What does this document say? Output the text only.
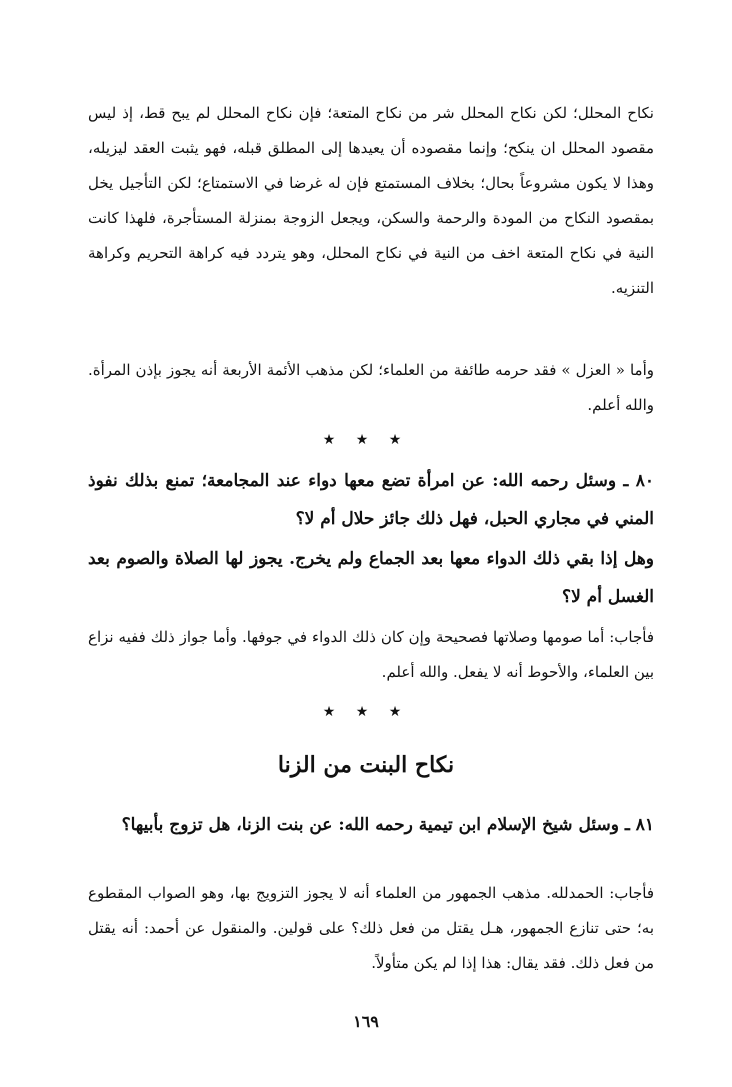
نكاح المحلل؛ لكن نكاح المحلل شر من نكاح المتعة؛ فإن نكاح المحلل لم يبح قط، إذ ليس مقصود المحلل ان ينكح؛ وإنما مقصوده أن يعيدها إلى المطلق قبله، فهو يثبت العقد ليزيله، وهذا لا يكون مشروعاً بحال؛ بخلاف المستمتع فإن له غرضا في الاستمتاع؛ لكن التأجيل يخل بمقصود النكاح من المودة والرحمة والسكن، ويجعل الزوجة بمنزلة المستأجرة، فلهذا كانت النية في نكاح المتعة اخف من النية في نكاح المحلل، وهو يتردد فيه كراهة التحريم وكراهة التنزيه.

وأما « العزل » فقد حرمه طائفة من العلماء؛ لكن مذهب الأئمة الأربعة أنه يجوز بإذن المرأة. والله أعلم.

★ ★ ★

٨٠ ـ وسئل رحمه الله: عن امرأة تضع معها دواء عند المجامعة؛ تمنع بذلك نفوذ المني في مجاري الحبل، فهل ذلك جائز حلال أم لا؟

وهل إذا بقي ذلك الدواء معها بعد الجماع ولم يخرج. يجوز لها الصلاة والصوم بعد الغسل أم لا؟

فأجاب: أما صومها وصلاتها فصحيحة وإن كان ذلك الدواء في جوفها. وأما جواز ذلك ففيه نزاع بين العلماء، والأحوط أنه لا يفعل. والله أعلم.

★ ★ ★
نكاح البنت من الزنا

٨١ ـ وسئل شيخ الإسلام ابن تيمية رحمه الله: عن بنت الزنا، هل تزوج بأبيها؟

فأجاب: الحمدلله. مذهب الجمهور من العلماء أنه لا يجوز التزويج بها، وهو الصواب المقطوع به؛ حتى تنازع الجمهور، هـل يقتل من فعل ذلك؟ على قولين. والمنقول عن أحمد: أنه يقتل من فعل ذلك. فقد يقال: هذا إذا لم يكن متأولاً.

١٦٩
